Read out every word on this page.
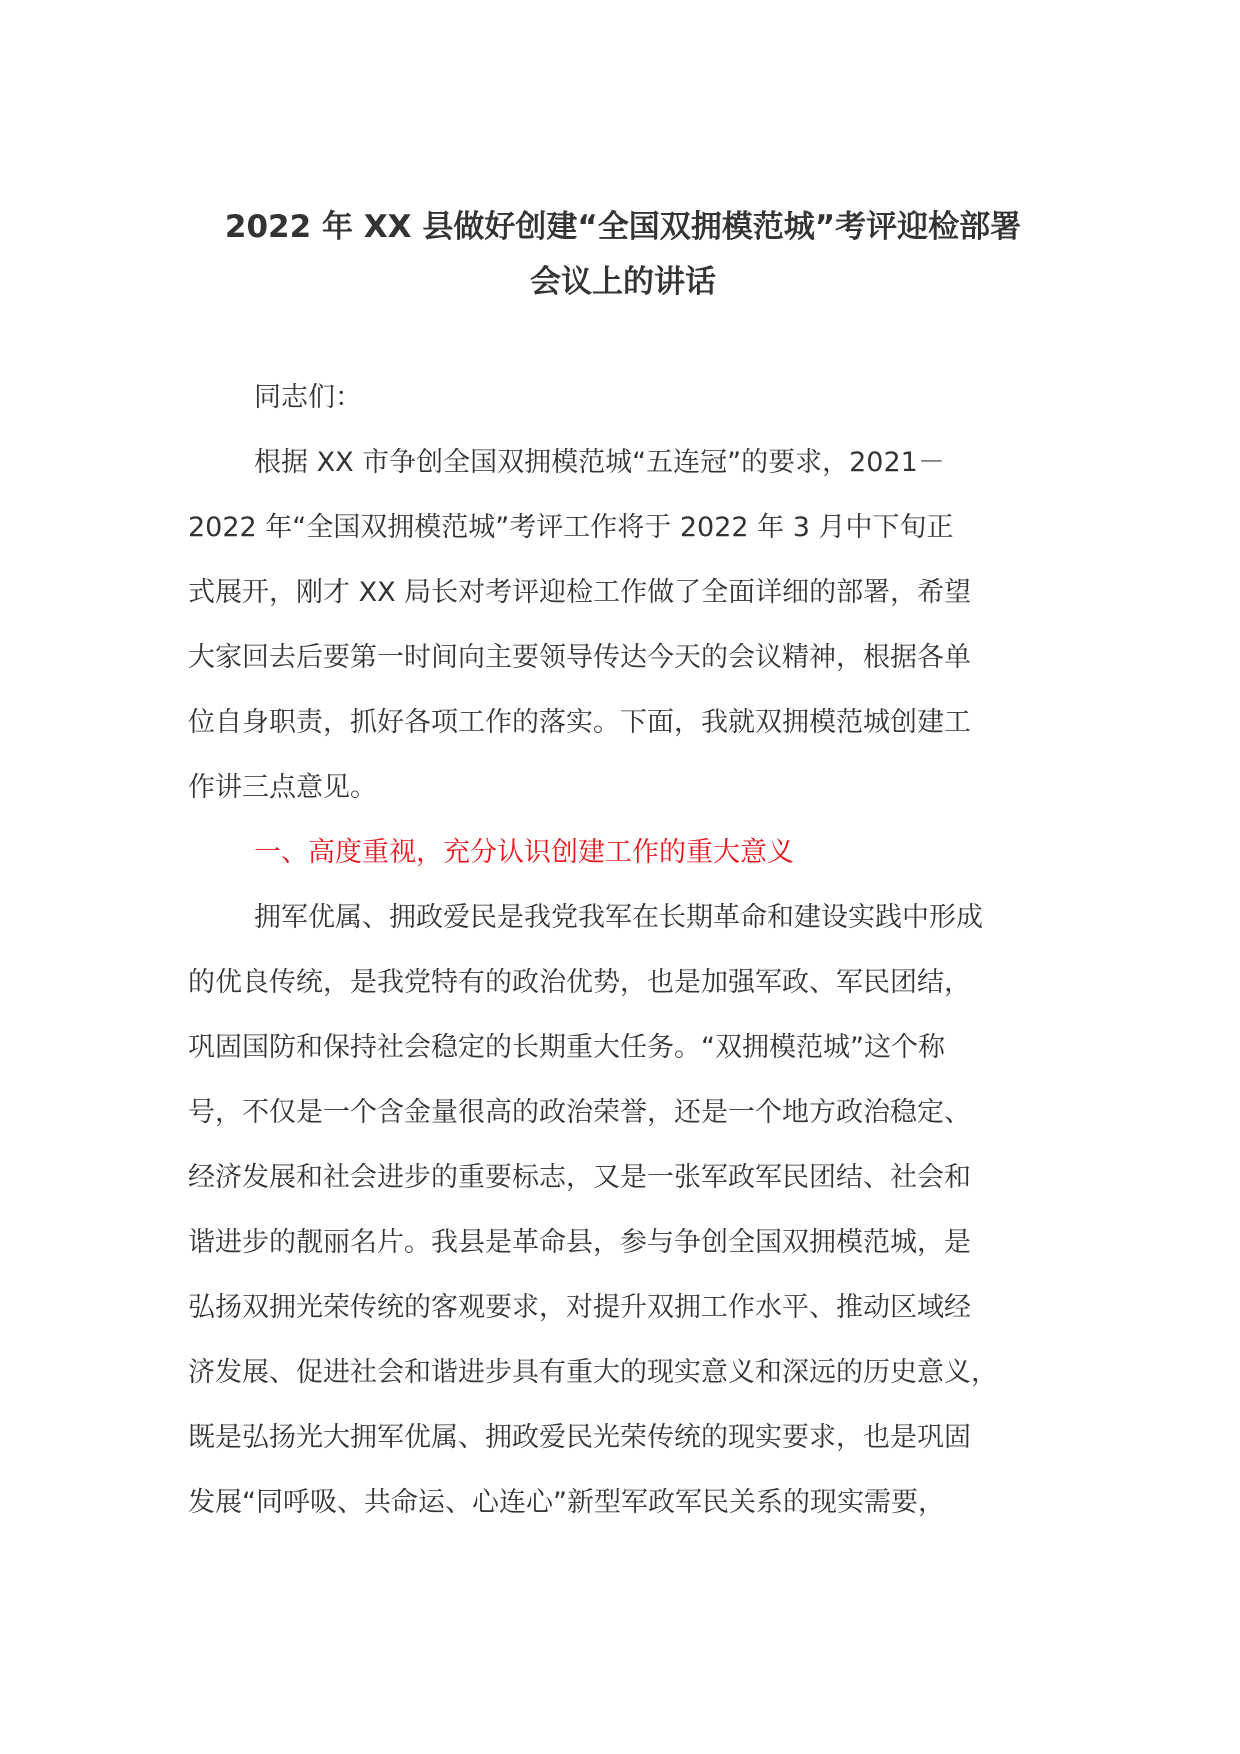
2022 年 XX 县做好创建“全国双拥模范城”考评迎检部署
会议上的讲话

同志们：

根据 XX 市争创全国双拥模范城“五连冠”的要求，2021－
2022 年“全国双拥模范城”考评工作将于 2022 年 3 月中下旬正
式展开，刚才 XX 局长对考评迎检工作做了全面详细的部署，希望
大家回去后要第一时间向主要领导传达今天的会议精神，根据各单
位自身职责，抓好各项工作的落实。下面，我就双拥模范城创建工
作讲三点意见。

一、高度重视，充分认识创建工作的重大意义

拥军优属、拥政爱民是我党我军在长期革命和建设实践中形成
的优良传统，是我党特有的政治优势，也是加强军政、军民团结，
巩固国防和保持社会稳定的长期重大任务。“双拥模范城”这个称
号，不仅是一个含金量很高的政治荣誉，还是一个地方政治稳定、
经济发展和社会进步的重要标志，又是一张军政军民团结、社会和
谐进步的靓丽名片。我县是革命县，参与争创全国双拥模范城，是
弘扬双拥光荣传统的客观要求，对提升双拥工作水平、推动区域经
济发展、促进社会和谐进步具有重大的现实意义和深远的历史意义，
既是弘扬光大拥军优属、拥政爱民光荣传统的现实要求，也是巩固
发展“同呼吸、共命运、心连心”新型军政军民关系的现实需要，
